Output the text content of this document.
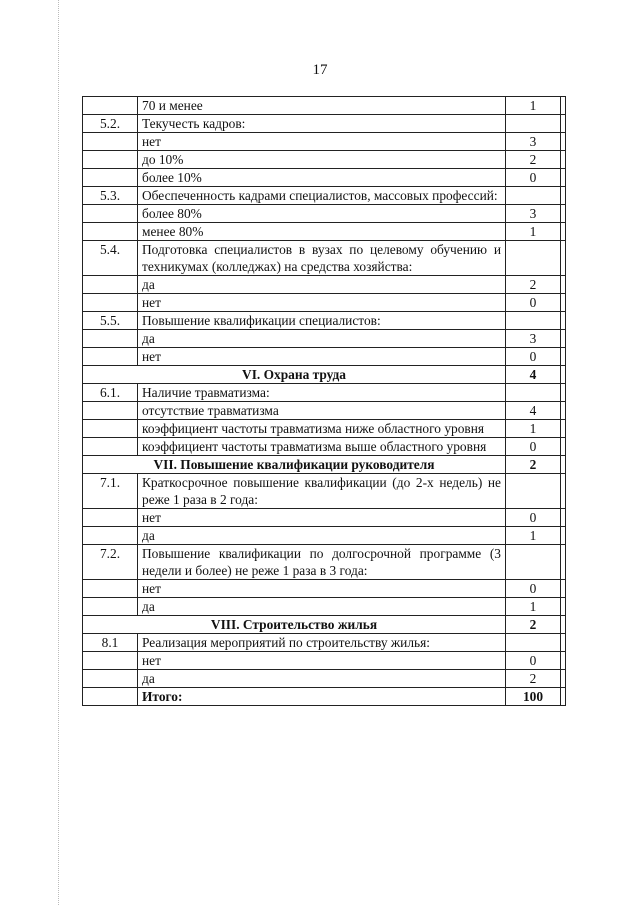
17
	70 и менее	1	
5.2.	Текучесть кадров:		
	нет	3	
	до 10%	2	
	более 10%	0	
5.3.	Обеспеченность кадрами специалистов, массовых профессий:		
	более 80%	3	
	менее 80%	1	
5.4.	Подготовка специалистов в вузах по целевому обучению и техникумах (колледжах) на средства хозяйства:		
	да	2	
	нет	0	
5.5.	Повышение квалификации специалистов:		
	да	3	
	нет	0	
VI. Охрана труда		4	
6.1.	Наличие травматизма:		
	отсутствие травматизма	4	
	коэффициент частоты травматизма ниже областного уровня	1	
	коэффициент частоты травматизма выше областного уровня	0	
VII. Повышение квалификации руководителя		2	
7.1.	Краткосрочное повышение квалификации (до 2-х недель) не реже 1 раза в 2 года:		
	нет	0	
	да	1	
7.2.	Повышение квалификации по долгосрочной программе (3 недели и более) не реже 1 раза в 3 года:		
	нет	0	
	да	1	
VIII. Строительство жилья		2	
8.1	Реализация мероприятий по строительству жилья:		
	нет	0	
	да	2	
	Итого:	100	
